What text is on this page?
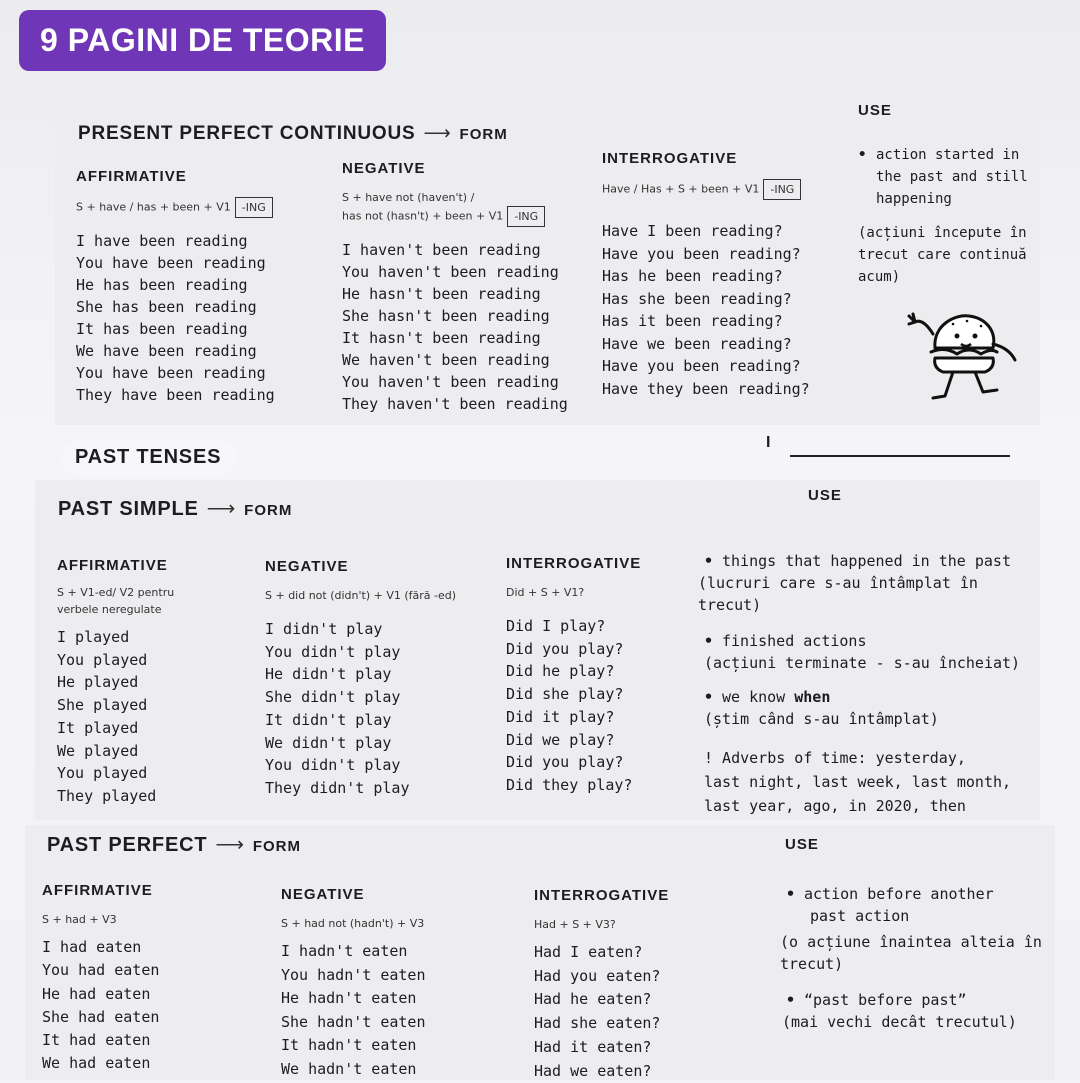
9 PAGINI DE TEORIE
PRESENT PERFECT CONTINUOUS ⟶ FORM
AFFIRMATIVE
S + have / has + been + V1 -ING
I have been reading
You have been reading
He has been reading
She has been reading
It has been reading
We have been reading
You have been reading
They have been reading
NEGATIVE
S + have not (haven't) /
has not (hasn't) + been + V1 -ING
I haven't been reading
You haven't been reading
He hasn't been reading
She hasn't been reading
It hasn't been reading
We haven't been reading
You haven't been reading
They haven't been reading
INTERROGATIVE
Have / Has + S + been + V1 -ING
Have I been reading?
Have you been reading?
Has he been reading?
Has she been reading?
Has it been reading?
Have we been reading?
Have you been reading?
Have they been reading?
USE
• action started in the past and still happening
(acțiuni începute în trecut care continuă acum)
PAST TENSES
I
PAST SIMPLE ⟶ FORM
AFFIRMATIVE
S + V1-ed/ V2 pentru
verbele neregulate
I played
You played
He played
She played
It played
We played
You played
They played
NEGATIVE
S + did not (didn't) + V1 (fără -ed)
I didn't play
You didn't play
He didn't play
She didn't play
It didn't play
We didn't play
You didn't play
They didn't play
INTERROGATIVE
Did + S + V1?
Did I play?
Did you play?
Did he play?
Did she play?
Did it play?
Did we play?
Did you play?
Did they play?
USE
• things that happened in the past
(lucruri care s-au întâmplat în trecut)
• finished actions
(acțiuni terminate - s-au încheiat)
• we know when
(știm când s-au întâmplat)
! Adverbs of time: yesterday,
last night, last week, last month,
last year, ago, in 2020, then
PAST PERFECT ⟶ FORM
AFFIRMATIVE
S + had + V3
I had eaten
You had eaten
He had eaten
She had eaten
It had eaten
We had eaten
NEGATIVE
S + had not (hadn't) + V3
I hadn't eaten
You hadn't eaten
He hadn't eaten
She hadn't eaten
It hadn't eaten
We hadn't eaten
INTERROGATIVE
Had + S + V3?
Had I eaten?
Had you eaten?
Had he eaten?
Had she eaten?
Had it eaten?
Had we eaten?
USE
• action before another
past action
(o acțiune înaintea alteia în
trecut)
• “past before past”
(mai vechi decât trecutul)
